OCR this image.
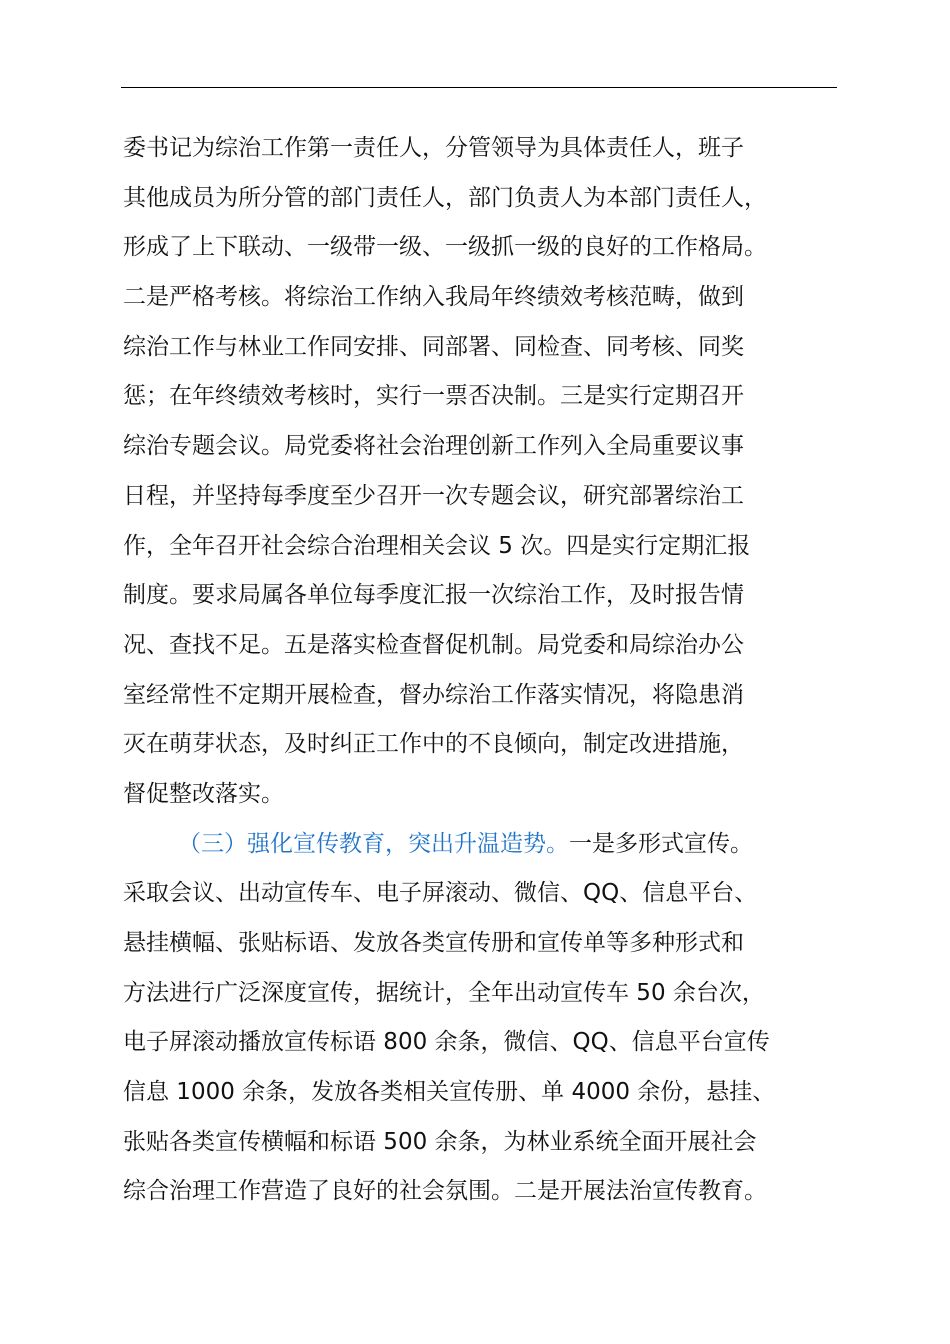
委书记为综治工作第一责任人，分管领导为具体责任人，班子
其他成员为所分管的部门责任人，部门负责人为本部门责任人，
形成了上下联动、一级带一级、一级抓一级的良好的工作格局。
二是严格考核。将综治工作纳入我局年终绩效考核范畴，做到
综治工作与林业工作同安排、同部署、同检查、同考核、同奖
惩；在年终绩效考核时，实行一票否决制。三是实行定期召开
综治专题会议。局党委将社会治理创新工作列入全局重要议事
日程，并坚持每季度至少召开一次专题会议，研究部署综治工
作，全年召开社会综合治理相关会议 5 次。四是实行定期汇报
制度。要求局属各单位每季度汇报一次综治工作，及时报告情
况、查找不足。五是落实检查督促机制。局党委和局综治办公
室经常性不定期开展检查，督办综治工作落实情况，将隐患消
灭在萌芽状态，及时纠正工作中的不良倾向，制定改进措施，
督促整改落实。
（三）强化宣传教育，突出升温造势。一是多形式宣传。
采取会议、出动宣传车、电子屏滚动、微信、QQ、信息平台、
悬挂横幅、张贴标语、发放各类宣传册和宣传单等多种形式和
方法进行广泛深度宣传，据统计，全年出动宣传车 50 余台次，
电子屏滚动播放宣传标语 800 余条，微信、QQ、信息平台宣传
信息 1000 余条，发放各类相关宣传册、单 4000 余份，悬挂、
张贴各类宣传横幅和标语 500 余条，为林业系统全面开展社会
综合治理工作营造了良好的社会氛围。二是开展法治宣传教育。
